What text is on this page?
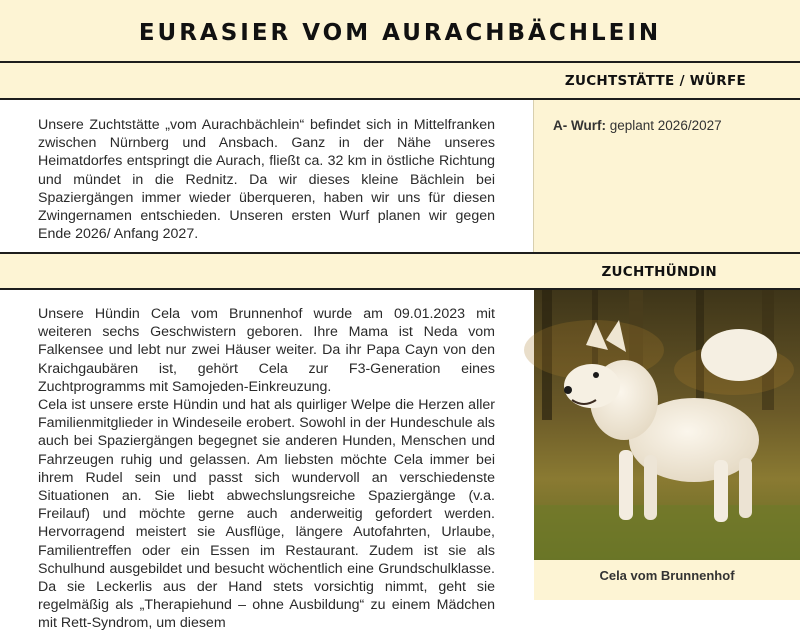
EURASIER VOM AURACHBÄCHLEIN
ZUCHTSTÄTTE / WÜRFE

Unsere Zuchtstätte „vom Aurachbächlein“ befindet sich in Mittelfranken zwischen Nürnberg und Ansbach. Ganz in der Nähe unseres Heimatdorfes entspringt die Aurach, fließt ca. 32 km in östliche Richtung und mündet in die Rednitz. Da wir dieses kleine Bächlein bei Spaziergängen immer wieder überqueren, haben wir uns für diesen Zwingernamen entschieden. Unseren ersten Wurf planen wir gegen Ende 2026/ Anfang 2027.

A- Wurf: geplant 2026/2027
ZUCHTHÜNDIN

Unsere Hündin Cela vom Brunnenhof wurde am 09.01.2023 mit weiteren sechs Geschwistern geboren. Ihre Mama ist Neda vom Falkensee und lebt nur zwei Häuser weiter. Da ihr Papa Cayn von den Kraichgaubären ist, gehört Cela zur F3-Generation eines Zuchtprogramms mit Samojeden-Einkreuzung.

Cela ist unsere erste Hündin und hat als quirliger Welpe die Herzen aller Familienmitglieder in Windeseile erobert. Sowohl in der Hundeschule als auch bei Spaziergängen begegnet sie anderen Hunden, Menschen und Fahrzeugen ruhig und gelassen. Am liebsten möchte Cela immer bei ihrem Rudel sein und passt sich wundervoll an verschiedenste Situationen an. Sie liebt abwechslungsreiche Spaziergänge (v.a. Freilauf) und möchte gerne auch anderweitig gefordert werden. Hervorragend meistert sie Ausflüge, längere Autofahrten, Urlaube, Familientreffen oder ein Essen im Restaurant. Zudem ist sie als Schulhund ausgebildet und besucht wöchentlich eine Grundschulklasse. Da sie Leckerlis aus der Hand stets vorsichtig nimmt, geht sie regelmäßig als „Therapiehund – ohne Ausbildung“ zu einem Mädchen mit Rett-Syndrom, um diesem

Cela vom Brunnenhof
